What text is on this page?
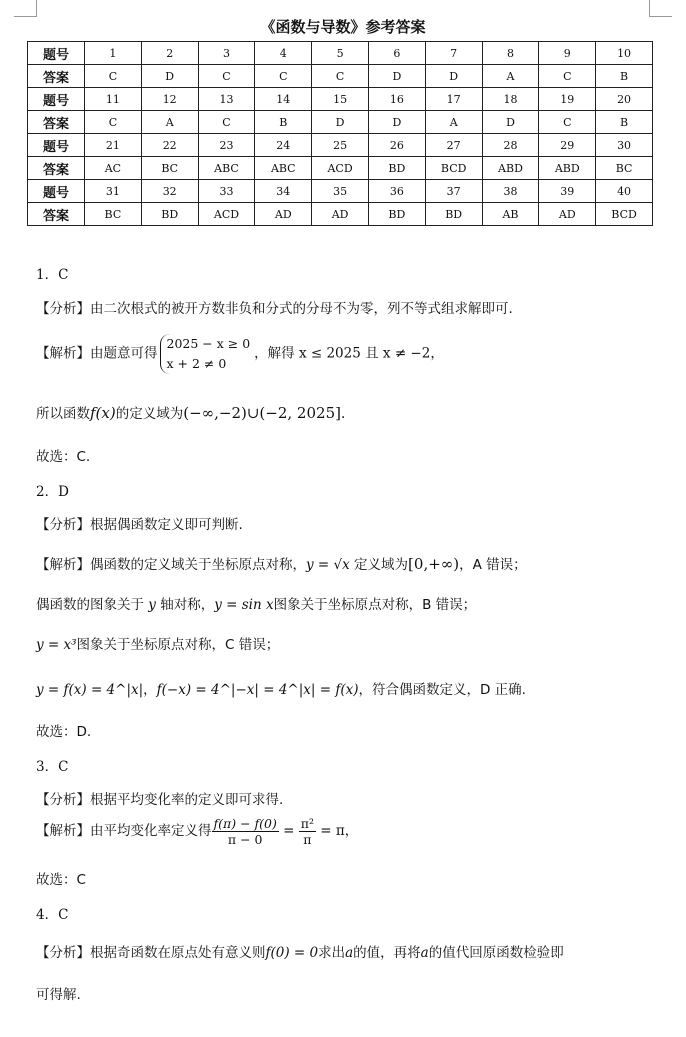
《函数与导数》参考答案
题号	1	2	3	4	5	6	7	8	9	10
答案	C	D	C	C	C	D	D	A	C	B
题号	11	12	13	14	15	16	17	18	19	20
答案	C	A	C	B	D	D	A	D	C	B
题号	21	22	23	24	25	26	27	28	29	30
答案	AC	BC	ABC	ABC	ACD	BD	BCD	ABD	ABD	BC
题号	31	32	33	34	35	36	37	38	39	40
答案	BC	BD	ACD	AD	AD	BD	BD	AB	AD	BCD
1．C
【分析】由二次根式的被开方数非负和分式的分母不为零，列不等式组求解即可.
【解析】由题意可得
2025 − x ≥ 0
x + 2 ≠ 0
，解得 x ≤ 2025 且 x ≠ −2，
所以函数f(x)的定义域为(−∞,−2)∪(−2, 2025].
故选：C.
2．D
【分析】根据偶函数定义即可判断.
【解析】偶函数的定义域关于坐标原点对称，y = √x 定义域为[0,+∞)，A 错误；
偶函数的图象关于 y 轴对称，y = sin x图象关于坐标原点对称，B 错误；
y = x³图象关于坐标原点对称，C 错误；
y = f(x) = 4^|x|，f(−x) = 4^|−x| = 4^|x| = f(x)，符合偶函数定义，D 正确.
故选：D.
3．C
【分析】根据平均变化率的定义即可求得.
【解析】由平均变化率定义得 $\frac{f(\pi) - f(0)}{\pi - 0} = \frac{\text{π²}}{\pi} = \pi$，
故选：C
4．C
【分析】根据奇函数在原点处有意义则f(0) = 0求出a的值，再将a的值代回原函数检验即
可得解.
